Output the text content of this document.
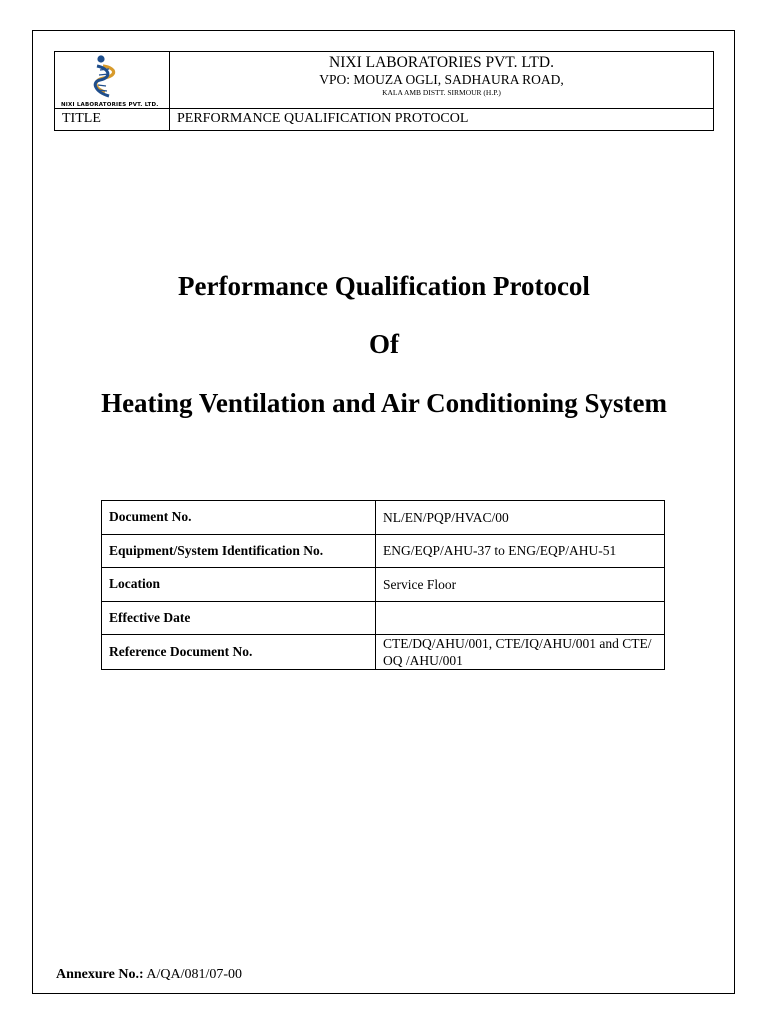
NIXI LABORATORIES PVT. LTD.
NIXI LABORATORIES PVT. LTD.
VPO: MOUZA OGLI, SADHAURA ROAD,
KALA AMB DISTT. SIRMOUR (H.P.)
TITLE	PERFORMANCE QUALIFICATION PROTOCOL
Performance Qualification Protocol
Of
Heating Ventilation and Air Conditioning System
Document No.	NL/EN/PQP/HVAC/00
Equipment/System Identification No.	ENG/EQP/AHU-37 to ENG/EQP/AHU-51
Location	Service Floor
Effective Date	
Reference Document No.	CTE/DQ/AHU/001, CTE/IQ/AHU/001 and CTE/ OQ /AHU/001
Annexure No.: A/QA/081/07-00
